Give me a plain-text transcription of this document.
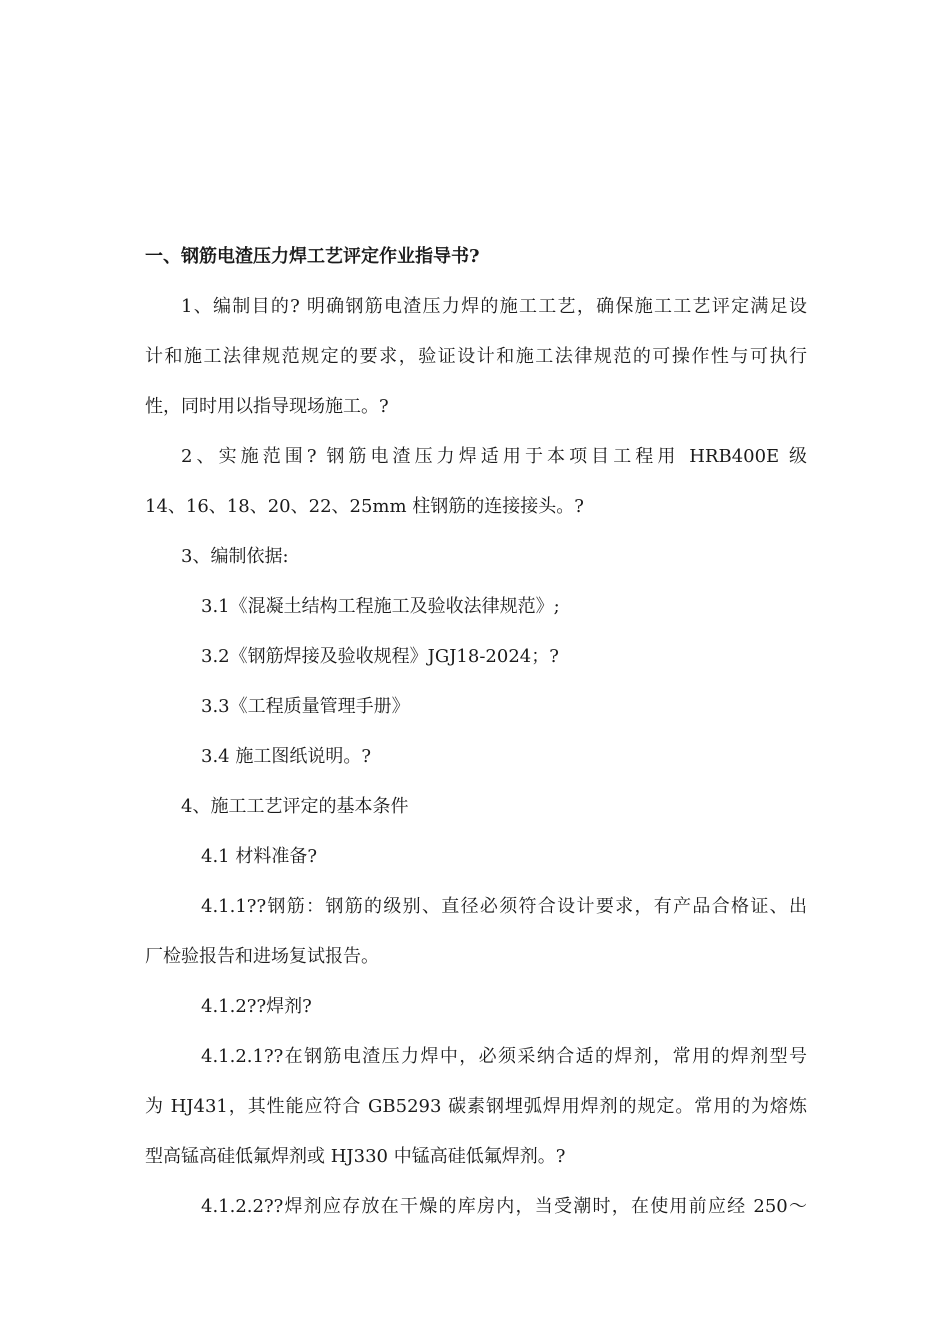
一、钢筋电渣压力焊工艺评定作业指导书?

1、编制目的? 明确钢筋电渣压力焊的施工工艺，确保施工工艺评定满足设

计和施工法律规范规定的要求，验证设计和施工法律规范的可操作性与可执行

性，同时用以指导现场施工。?

2、实施范围? 钢筋电渣压力焊适用于本项目工程用 HRB400E 级

14、16、18、20、22、25mm 柱钢筋的连接接头。?

3、编制依据:

3.1《混凝土结构工程施工及验收法律规范》;

3.2《钢筋焊接及验收规程》JGJ18-2024；?

3.3《工程质量管理手册》

3.4 施工图纸说明。?

4、施工工艺评定的基本条件

4.1 材料准备?

4.1.1??钢筋：钢筋的级别、直径必须符合设计要求，有产品合格证、出

厂检验报告和进场复试报告。

4.1.2??焊剂?

4.1.2.1??在钢筋电渣压力焊中，必须采纳合适的焊剂，常用的焊剂型号

为 HJ431，其性能应符合 GB5293 碳素钢埋弧焊用焊剂的规定。常用的为熔炼

型高锰高硅低氟焊剂或 HJ330 中锰高硅低氟焊剂。?

4.1.2.2??焊剂应存放在干燥的库房内，当受潮时，在使用前应经 250～
